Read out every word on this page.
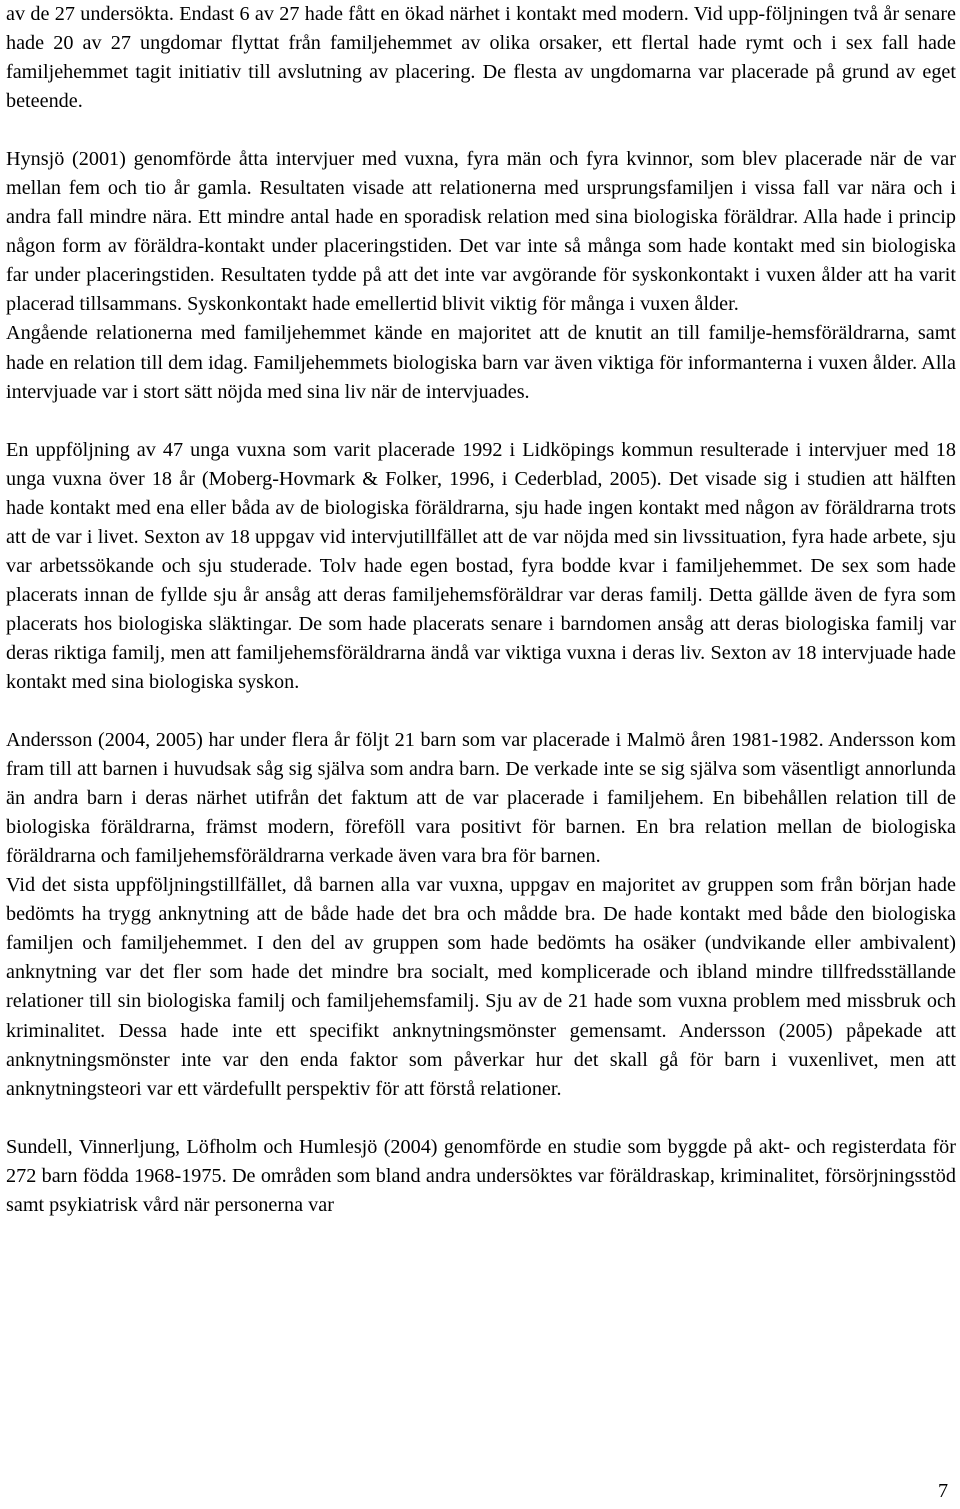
av de 27 undersökta. Endast 6 av 27 hade fått en ökad närhet i kontakt med modern. Vid upp-följningen två år senare hade 20 av 27 ungdomar flyttat från familjehemmet av olika orsaker, ett flertal hade rymt och i sex fall hade familjehemmet tagit initiativ till avslutning av placering. De flesta av ungdomarna var placerade på grund av eget beteende.

Hynsjö (2001) genomförde åtta intervjuer med vuxna, fyra män och fyra kvinnor, som blev placerade när de var mellan fem och tio år gamla. Resultaten visade att relationerna med ursprungsfamiljen i vissa fall var nära och i andra fall mindre nära. Ett mindre antal hade en sporadisk relation med sina biologiska föräldrar. Alla hade i princip någon form av föräldra-kontakt under placeringstiden. Det var inte så många som hade kontakt med sin biologiska far under placeringstiden. Resultaten tydde på att det inte var avgörande för syskonkontakt i vuxen ålder att ha varit placerad tillsammans. Syskonkontakt hade emellertid blivit viktig för många i vuxen ålder.

Angående relationerna med familjehemmet kände en majoritet att de knutit an till familje-hemsföräldrarna, samt hade en relation till dem idag. Familjehemmets biologiska barn var även viktiga för informanterna i vuxen ålder. Alla intervjuade var i stort sätt nöjda med sina liv när de intervjuades.

En uppföljning av 47 unga vuxna som varit placerade 1992 i Lidköpings kommun resulterade i intervjuer med 18 unga vuxna över 18 år (Moberg-Hovmark & Folker, 1996, i Cederblad, 2005). Det visade sig i studien att hälften hade kontakt med ena eller båda av de biologiska föräldrarna, sju hade ingen kontakt med någon av föräldrarna trots att de var i livet. Sexton av 18 uppgav vid intervjutillfället att de var nöjda med sin livssituation, fyra hade arbete, sju var arbetssökande och sju studerade. Tolv hade egen bostad, fyra bodde kvar i familjehemmet. De sex som hade placerats innan de fyllde sju år ansåg att deras familjehemsföräldrar var deras familj. Detta gällde även de fyra som placerats hos biologiska släktingar. De som hade placerats senare i barndomen ansåg att deras biologiska familj var deras riktiga familj, men att familjehemsföräldrarna ändå var viktiga vuxna i deras liv. Sexton av 18 intervjuade hade kontakt med sina biologiska syskon.

Andersson (2004, 2005) har under flera år följt 21 barn som var placerade i Malmö åren 1981-1982. Andersson kom fram till att barnen i huvudsak såg sig själva som andra barn. De verkade inte se sig själva som väsentligt annorlunda än andra barn i deras närhet utifrån det faktum att de var placerade i familjehem. En bibehållen relation till de biologiska föräldrarna, främst modern, föreföll vara positivt för barnen. En bra relation mellan de biologiska föräldrarna och familjehemsföräldrarna verkade även vara bra för barnen.

Vid det sista uppföljningstillfället, då barnen alla var vuxna, uppgav en majoritet av gruppen som från början hade bedömts ha trygg anknytning att de både hade det bra och mådde bra. De hade kontakt med både den biologiska familjen och familjehemmet. I den del av gruppen som hade bedömts ha osäker (undvikande eller ambivalent) anknytning var det fler som hade det mindre bra socialt, med komplicerade och ibland mindre tillfredsställande relationer till sin biologiska familj och familjehemsfamilj. Sju av de 21 hade som vuxna problem med missbruk och kriminalitet. Dessa hade inte ett specifikt anknytningsmönster gemensamt. Andersson (2005) påpekade att anknytningsmönster inte var den enda faktor som påverkar hur det skall gå för barn i vuxenlivet, men att anknytningsteori var ett värdefullt perspektiv för att förstå relationer.

Sundell, Vinnerljung, Löfholm och Humlesjö (2004) genomförde en studie som byggde på akt- och registerdata för 272 barn födda 1968-1975. De områden som bland andra undersöktes var föräldraskap, kriminalitet, försörjningsstöd samt psykiatrisk vård när personerna var

7
